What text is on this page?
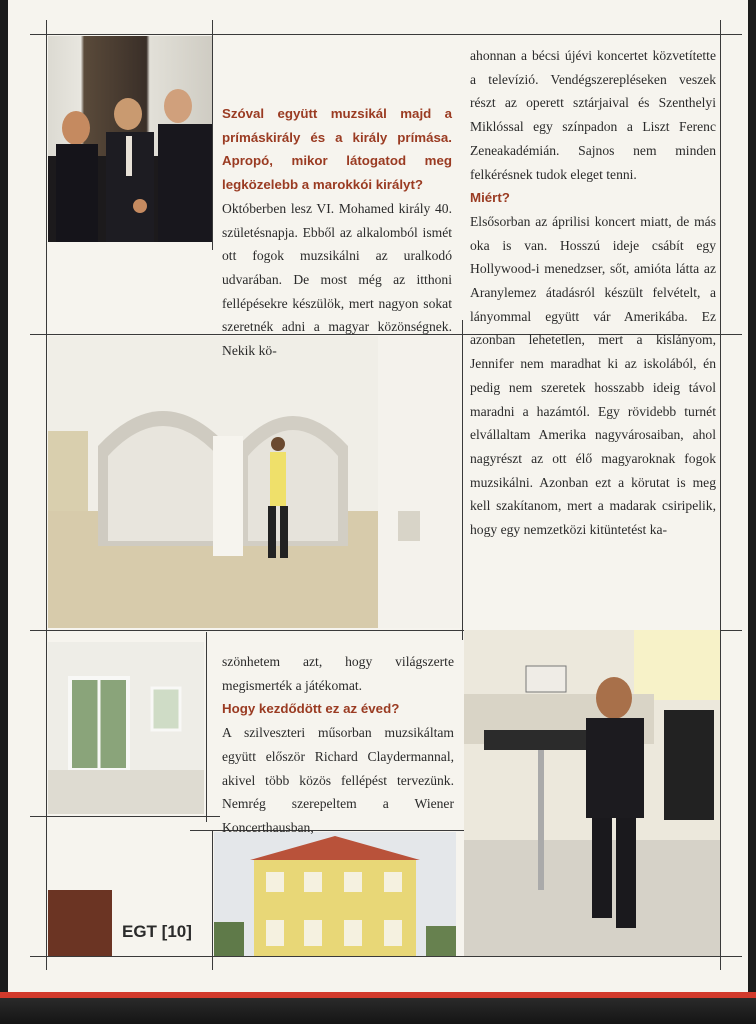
Szóval együtt muzsikál majd a prímáskirály és a király prímása. Apropó, mikor látogatod meg legközelebb a marokkói királyt?

Októberben lesz VI. Mohamed király 40. születésnapja. Ebből az alkalomból ismét ott fogok muzsikálni az uralkodó udvarában. De most még az itthoni fellépésekre készülök, mert nagyon sokat szeretnék adni a magyar közönségnek. Nekik kö-

ahonnan a bécsi újévi koncertet közvetítette a televízió. Vendégszerepléseken veszek részt az operett sztárjaival és Szenthelyi Miklóssal egy színpadon a Liszt Ferenc Zeneakadémián. Sajnos nem minden felkérésnek tudok eleget tenni.

Miért?

Elsősorban az áprilisi koncert miatt, de más oka is van. Hosszú ideje csábít egy Hollywood-i menedzser, sőt, amióta látta az Aranylemez átadásról készült felvételt, a lányommal együtt vár Amerikába. Ez azonban lehetetlen, mert a kislányom, Jennifer nem maradhat ki az iskolából, én pedig nem szeretek hosszabb ideig távol maradni a hazámtól. Egy rövidebb turnét elvállaltam Amerika nagyvárosaiban, ahol nagyrészt az ott élő magyaroknak fogok muzsikálni. Azonban ezt a körutat is meg kell szakítanom, mert a madarak csiripelik, hogy egy nemzetközi kitüntetést ka-

szönhetem azt, hogy világszerte megismerték a játékomat.

Hogy kezdődött ez az éved?

A szilveszteri műsorban muzsikáltam együtt először Richard Claydermannal, akivel több közös fellépést tervezünk. Nemrég szerepeltem a Wiener Koncerthausban,

EGT [10]
